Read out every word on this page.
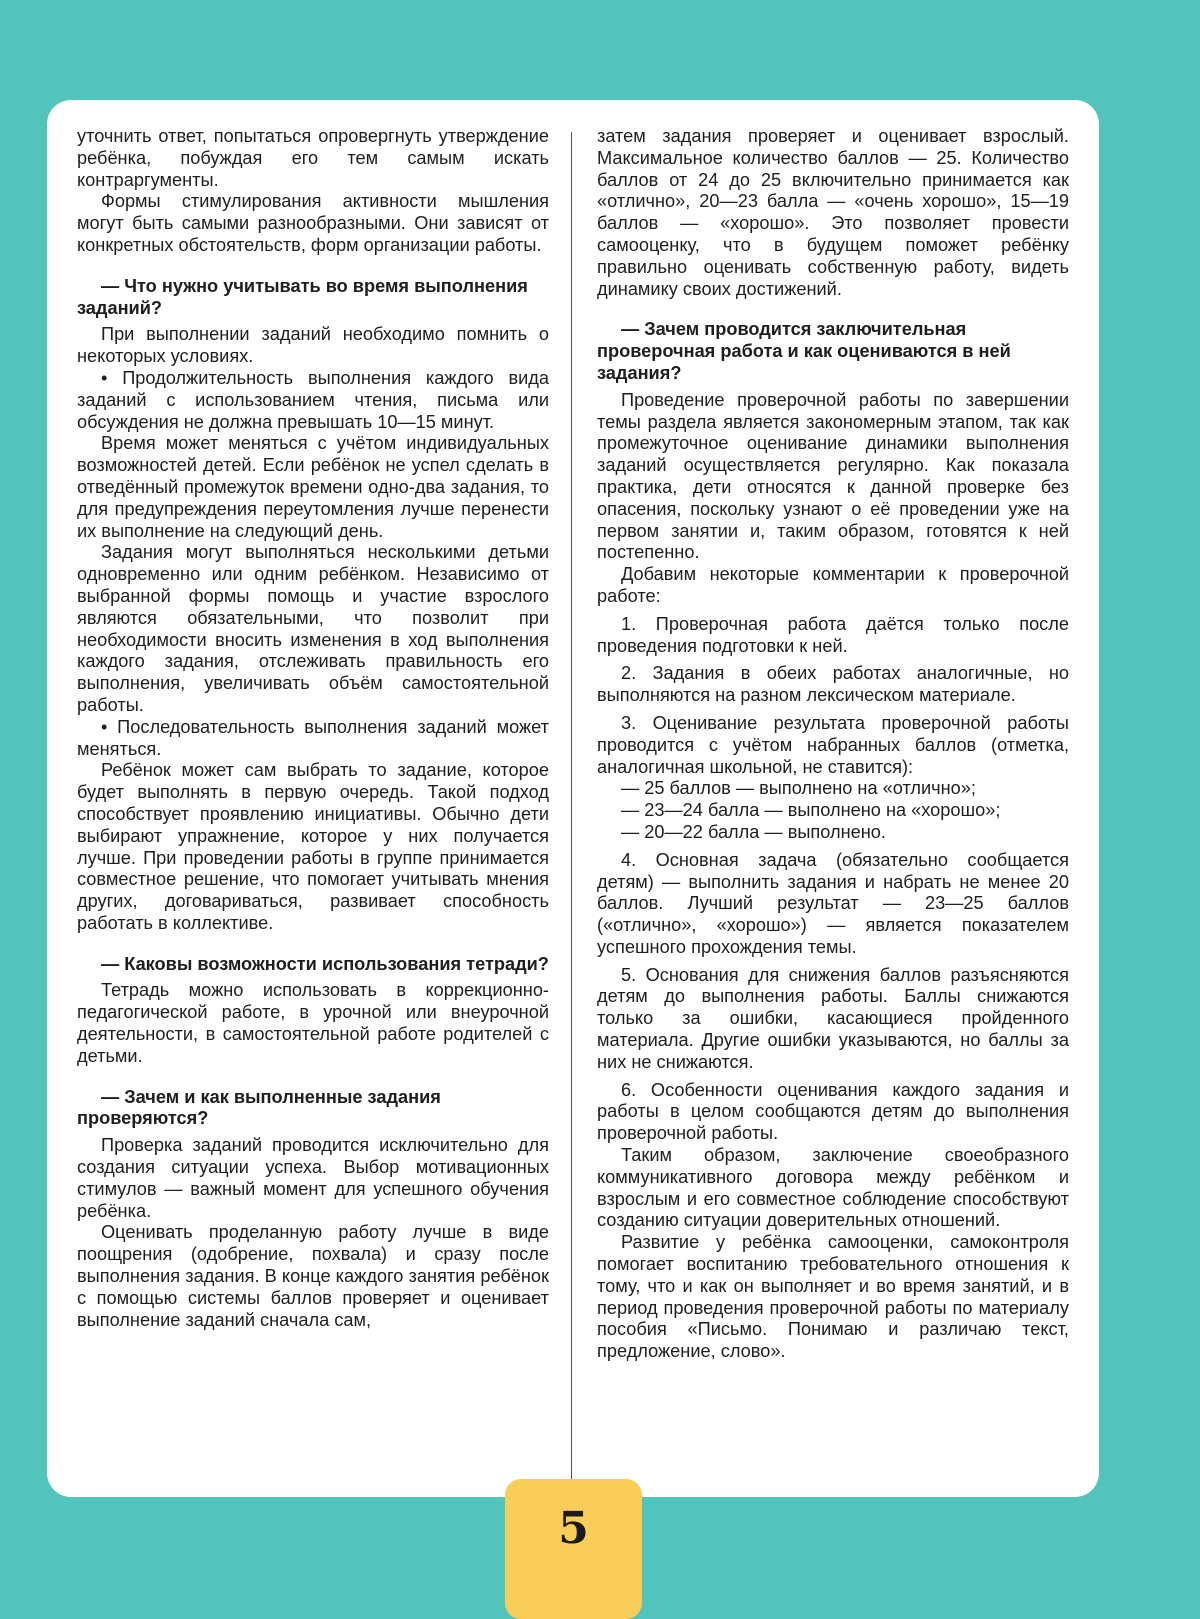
уточнить ответ, попытаться опровергнуть утверждение ребёнка, побуждая его тем самым искать контраргументы.

Формы стимулирования активности мышления могут быть самыми разнообразными. Они зависят от конкретных обстоятельств, форм организации работы.

— Что нужно учитывать во время выполнения заданий?

При выполнении заданий необходимо помнить о некоторых условиях.

• Продолжительность выполнения каждого вида заданий с использованием чтения, письма или обсуждения не должна превышать 10—15 минут.

Время может меняться с учётом индивидуальных возможностей детей. Если ребёнок не успел сделать в отведённый промежуток времени одно-два задания, то для предупреждения переутомления лучше перенести их выполнение на следующий день.

Задания могут выполняться несколькими детьми одновременно или одним ребёнком. Независимо от выбранной формы помощь и участие взрослого являются обязательными, что позволит при необходимости вносить изменения в ход выполнения каждого задания, отслеживать правильность его выполнения, увеличивать объём самостоятельной работы.

• Последовательность выполнения заданий может меняться.

Ребёнок может сам выбрать то задание, которое будет выполнять в первую очередь. Такой подход способствует проявлению инициативы. Обычно дети выбирают упражнение, которое у них получается лучше. При проведении работы в группе принимается совместное решение, что помогает учитывать мнения других, договариваться, развивает способность работать в коллективе.

— Каковы возможности использования тетради?

Тетрадь можно использовать в коррекционно-педагогической работе, в урочной или внеурочной деятельности, в самостоятельной работе родителей с детьми.

— Зачем и как выполненные задания проверяются?

Проверка заданий проводится исключительно для создания ситуации успеха. Выбор мотивационных стимулов — важный момент для успешного обучения ребёнка.

Оценивать проделанную работу лучше в виде поощрения (одобрение, похвала) и сразу после выполнения задания. В конце каждого занятия ребёнок с помощью системы баллов проверяет и оценивает выполнение заданий сначала сам,

затем задания проверяет и оценивает взрослый. Максимальное количество баллов — 25. Количество баллов от 24 до 25 включительно принимается как «отлично», 20—23 балла — «очень хорошо», 15—19 баллов — «хорошо». Это позволяет провести самооценку, что в будущем поможет ребёнку правильно оценивать собственную работу, видеть динамику своих достижений.

— Зачем проводится заключительная проверочная работа и как оцениваются в ней задания?

Проведение проверочной работы по завершении темы раздела является закономерным этапом, так как промежуточное оценивание динамики выполнения заданий осуществляется регулярно. Как показала практика, дети относятся к данной проверке без опасения, поскольку узнают о её проведении уже на первом занятии и, таким образом, готовятся к ней постепенно.

Добавим некоторые комментарии к проверочной работе:

1. Проверочная работа даётся только после проведения подготовки к ней.

2. Задания в обеих работах аналогичные, но выполняются на разном лексическом материале.

3. Оценивание результата проверочной работы проводится с учётом набранных баллов (отметка, аналогичная школьной, не ставится):

— 25 баллов — выполнено на «отлично»;

— 23—24 балла — выполнено на «хорошо»;

— 20—22 балла — выполнено.

4. Основная задача (обязательно сообщается детям) — выполнить задания и набрать не менее 20 баллов. Лучший результат — 23—25 баллов («отлично», «хорошо») — является показателем успешного прохождения темы.

5. Основания для снижения баллов разъясняются детям до выполнения работы. Баллы снижаются только за ошибки, касающиеся пройденного материала. Другие ошибки указываются, но баллы за них не снижаются.

6. Особенности оценивания каждого задания и работы в целом сообщаются детям до выполнения проверочной работы.

Таким образом, заключение своеобразного коммуникативного договора между ребёнком и взрослым и его совместное соблюдение способствуют созданию ситуации доверительных отношений.

Развитие у ребёнка самооценки, самоконтроля помогает воспитанию требовательного отношения к тому, что и как он выполняет и во время занятий, и в период проведения проверочной работы по материалу пособия «Письмо. Понимаю и различаю текст, предложение, слово».

5
